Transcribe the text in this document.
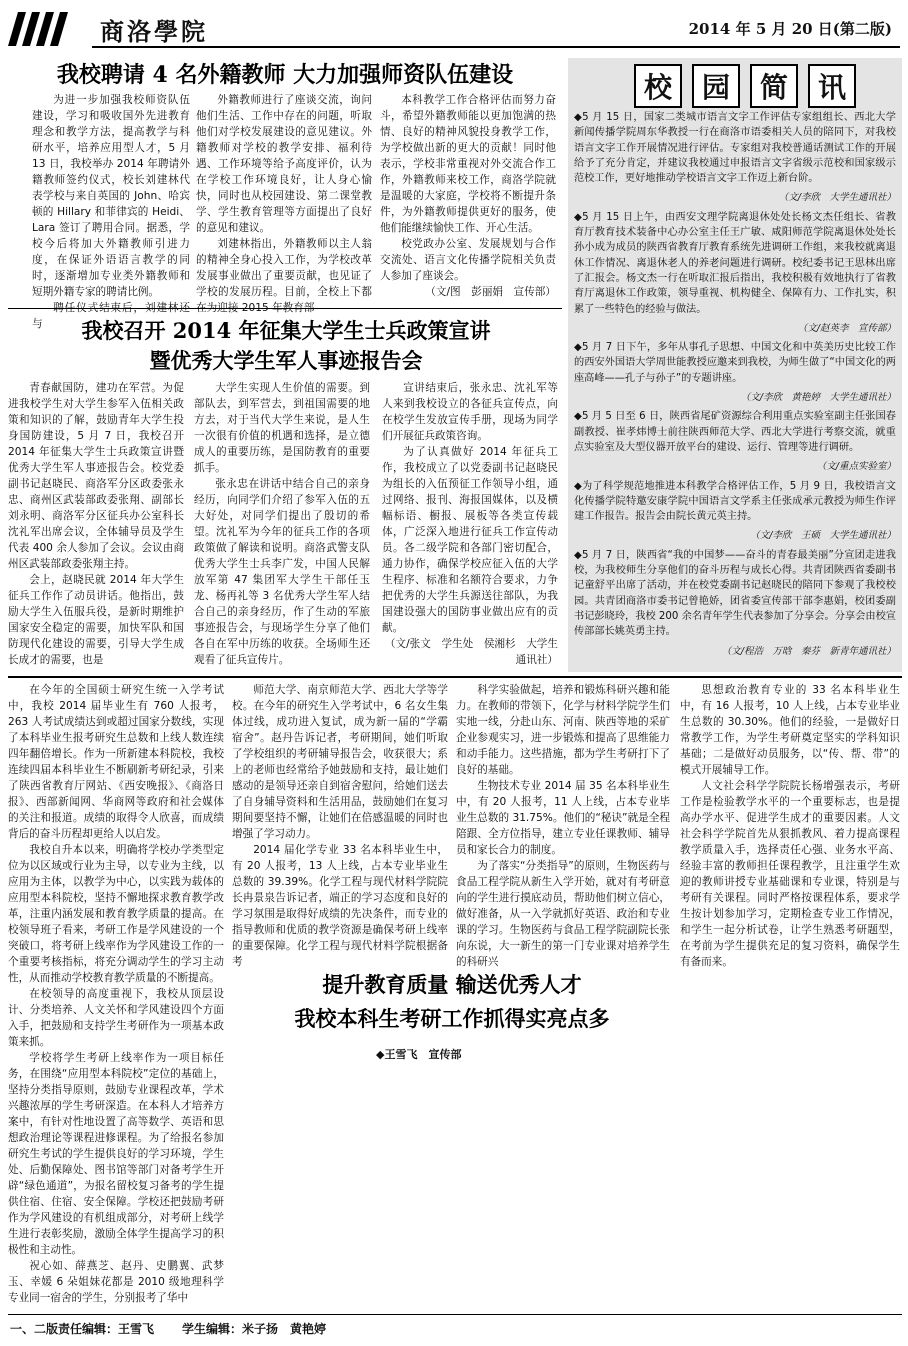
商洛學院	2014 年 5 月 20 日(第二版)
我校聘请 4 名外籍教师 大力加强师资队伍建设

为进一步加强我校师资队伍建设，学习和吸收国外先进教育理念和教学方法，提高教学与科研水平，培养应用型人才，5 月 13 日，我校举办 2014 年聘请外籍教师签约仪式，校长刘建林代表学校与来自英国的 John、哈宾顿的 Hillary 和菲律宾的 Heidi、Lara 签订了聘用合同。据悉，学校今后将加大外籍教师引进力度，在保证外语语言教学的同时，逐渐增加专业类外籍教师和短期外籍专家的聘请比例。

聘任仪式结束后，刘建林还与

外籍教师进行了座谈交流，询问他们生活、工作中存在的问题，听取他们对学校发展建设的意见建议。外籍教师对学校的教学安排、福利待遇、工作环境等给予高度评价，认为在学校工作环境良好，让人身心愉快，同时也从校园建设、第二课堂教学、学生教育管理等方面提出了良好的意见和建议。

刘建林指出，外籍教师以主人翁的精神全身心投入工作，为学校改革发展事业做出了重要贡献，也见证了学校的发展历程。目前，全校上下都在为迎接 2015 年教育部

本科教学工作合格评估而努力奋斗，希望外籍教师能以更加饱满的热情、良好的精神风貌投身教学工作，为学校做出新的更大的贡献！同时他表示，学校非常重视对外交流合作工作，外籍教师来校工作，商洛学院就是温暖的大家庭，学校将不断提升条件，为外籍教师提供更好的服务，使他们能继续愉快工作、开心生活。

校党政办公室、发展规划与合作交流处、语言文化传播学院相关负责人参加了座谈会。

（文/图　彭丽娟　宣传部）

我校召开 2014 年征集大学生士兵政策宣讲
暨优秀大学生军人事迹报告会

青春献国防，建功在军营。为促进我校学生对大学生参军入伍相关政策和知识的了解，鼓励青年大学生投身国防建设，5 月 7 日，我校召开 2014 年征集大学生士兵政策宣讲暨优秀大学生军人事迹报告会。校党委副书记赵晓民、商洛军分区政委张永忠、商州区武装部政委张翔、副部长刘永明、商洛军分区征兵办公室科长沈礼军出席会议，全体辅导员及学生代表 400 余人参加了会议。会议由商州区武装部政委张翔主持。

会上，赵晓民就 2014 年大学生征兵工作作了动员讲话。他指出，鼓励大学生入伍服兵役，是新时期维护国家安全稳定的需要，加快军队和国防现代化建设的需要，引导大学生成长成才的需要，也是

大学生实现人生价值的需要。到部队去，到军营去，到祖国需要的地方去，对于当代大学生来说，是人生一次很有价值的机遇和选择，是立德成人的重要历练，是国防教育的重要抓手。

张永忠在讲话中结合自己的亲身经历，向同学们介绍了参军入伍的五大好处，对同学们提出了殷切的希望。沈礼军为今年的征兵工作的各项政策做了解读和说明。商洛武警支队优秀大学生士兵李广发，中国人民解放军第 47 集团军大学生干部任玉龙、杨再礼等 3 名优秀大学生军人结合自己的亲身经历，作了生动的军旅事迹报告会，与现场学生分享了他们各自在军中历练的收获。全场师生还观看了征兵宣传片。

宣讲结束后，张永忠、沈礼军等人来到我校设立的各征兵宣传点，向在校学生发放宣传手册，现场为同学们开展征兵政策咨询。

为了认真做好 2014 年征兵工作，我校成立了以党委副书记赵晓民为组长的入伍预征工作领导小组，通过网络、报刊、海报国媒体，以及横幅标语、橱报、展板等各类宣传载体，广泛深入地进行征兵工作宣传动员。各二级学院和各部门密切配合，通力协作，确保学校应征入伍的大学生程序、标准和名额符合要求，力争把优秀的大学生兵源送往部队，为我国建设强大的国防事业做出应有的贡献。

（文/张文　学生处　侯湘杉　大学生通讯社）

校	园	简	讯

◆5 月 15 日，国家二类城市语言文字工作评估专家组组长、西北大学新闻传播学院周东华教授一行在商洛市语委相关人员的陪同下，对我校语言文字工作开展情况进行评估。专家组对我校普通话测试工作的开展给予了充分肯定，并建议我校通过申报语言文字省级示范校和国家级示范校工作，更好地推动学校语言文字工作迈上新台阶。

（文/李欣　大学生通讯社）

◆5 月 15 日上午，由西安文理学院离退休处处长杨文杰任组长、省教育厅教育技术装备中心办公室主任王广敏、咸阳师范学院离退休处处长孙小成为成员的陕西省教育厅教育系统先进调研工作组，来我校就离退休工作情况、离退休老人的养老问题进行调研。校纪委书记王思林出席了汇报会。杨文杰一行在听取汇报后指出，我校积极有效地执行了省教育厅离退休工作政策，领导重视、机构健全、保障有力、工作扎实，积累了一些特色的经验与做法。

（文/赵英李　宣传部）

◆5 月 7 日下午，多年从事孔子思想、中国文化和中英美历史比较工作的西安外国语大学周世能教授应邀来到我校，为师生做了“中国文化的两座高峰——孔子与孙子”的专题讲座。

（文/李欣　黄艳婷　大学生通讯社）

◆5 月 5 日至 6 日，陕西省尾矿资源综合利用重点实验室副主任张国春副教授、崔孝炜博士前往陕西师范大学、西北大学进行考察交流，就重点实验室及大型仪器开放平台的建设、运行、管理等进行调研。

（文/重点实验室）

◆为了科学规范地推进本科教学合格评估工作，5 月 9 日，我校语言文化传播学院特邀安康学院中国语言文学系主任张成承元教授为师生作评建工作报告。报告会由院长黄元英主持。

（文/李欣　王硕　大学生通讯社）

◆5 月 7 日，陕西省“我的中国梦——奋斗的青春最美丽”分宣团走进我校，为我校师生分享他们的奋斗历程与成长心得。共青团陕西省委副书记童舒平出席了活动，并在校党委副书记赵晓民的陪同下参观了我校校园。共青团商洛市委书记曾艳娇，团省委宣传部干部李惠娟，校团委副书记彭晓玲，我校 200 余名青年学生代表参加了分享会。分享会由校宣传部部长姚英勇主持。

（文/程浩　万晗　秦芬　新青年通讯社）

在今年的全国硕士研究生统一入学考试中，我校 2014 届毕业生有 760 人报考，263 人考试成绩达到或超过国家分数线，实现了本科毕业生报考研究生总数和上线人数连续四年翻倍增长。作为一所新建本科院校，我校连续四届本科毕业生不断刷新考研纪录，引来了陕西省教育厅网站、《西安晚报》、《商洛日报》、西部新闻网、华商网等政府和社会媒体的关注和报道。成绩的取得令人欣喜，而成绩背后的奋斗历程却更给人以启发。

我校自升本以来，明确将学校办学类型定位为以区域或行业为主导，以专业为主线，以应用为主体，以教学为中心，以实践为载体的应用型本科院校，坚持不懈地探求教育教学改革，注重内涵发展和教育教学质量的提高。在校领导班子看来，考研工作是学风建设的一个突破口，将考研上线率作为学风建设工作的一个重要考核指标，将充分调动学生的学习主动性，从而推动学校教育教学质量的不断提高。

在校领导的高度重视下，我校从顶层设计、分类培养、人文关怀和学风建设四个方面入手，把鼓励和支持学生考研作为一项基本政策来抓。

学校将学生考研上线率作为一项目标任务，在围绕“应用型本科院校”定位的基础上，坚持分类指导原则，鼓励专业课程改革，学术兴趣浓厚的学生考研深造。在本科人才培养方案中，有针对性地设置了高等数学、英语和思想政治理论等课程进修课程。为了给报名参加研究生考试的学生提供良好的学习环境，学生处、后勤保障处、图书馆等部门对备考学生开辟“绿色通道”，为报名留校复习备考的学生提供住宿、住宿、安全保障。学校还把鼓励考研作为学风建设的有机组成部分，对考研上线学生进行表彰奖励，激励全体学生提高学习的积极性和主动性。

祝心如、薛燕芝、赵丹、史鹏翼、武梦玉、幸媛 6 朵姐妹花都是 2010 级地理科学专业同一宿舍的学生，分别报考了华中

师范大学、南京师范大学、西北大学等学校。在今年的研究生入学考试中，6 名女生集体过线，成功进入复试，成为新一届的“学霸宿舍”。赵丹告诉记者，考研期间，她们听取了学校组织的考研辅导报告会，收获很大；系上的老师也经常给予她鼓励和支持，最让她们感动的是领导还亲自到宿舍慰问，给她们送去了自身辅导资料和生活用品，鼓励她们在复习期间要坚持不懈，让她们在倍感温暖的同时也增强了学习动力。

2014 届化学专业 33 名本科毕业生中，有 20 人报考，13 人上线，占本专业毕业生总数的 39.39%。化学工程与现代材料学院院长冉景泉告诉记者，端正的学习态度和良好的学习氛围是取得好成绩的先决条件，而专业的指导教师和优质的教学资源是确保考研上线率的重要保障。化学工程与现代材料学院根据备考

科学实验做起，培养和锻炼科研兴趣和能力。在教师的带领下，化学与材料学院学生们实地一线，分赴山东、河南、陕西等地的采矿企业参观实习，进一步锻炼和提高了思维能力和动手能力。这些措施，都为学生考研打下了良好的基础。

生物技术专业 2014 届 35 名本科毕业生中，有 20 人报考，11 人上线，占本专业毕业生总数的 31.75%。他们的“秘诀”就是全程陪跟、全方位指导，建立专业任课教师、辅导员和家长合力的制度。

为了落实“分类指导”的原则，生物医药与食品工程学院从新生入学开始，就对有考研意向的学生进行摸底动员，帮助他们树立信心，做好准备，从一入学就抓好英语、政治和专业课的学习。生物医药与食品工程学院副院长张向东说，大一新生的第一门专业课对培养学生的科研兴

思想政治教育专业的 33 名本科毕业生中，有 16 人报考，10 人上线，占本专业毕业生总数的 30.30%。他们的经验，一是做好日常教学工作，为学生考研奠定坚实的学科知识基础；二是做好动员服务，以“传、帮、带”的模式开展辅导工作。

人文社会科学学院院长杨增强表示，考研工作是检验教学水平的一个重要标志，也是提高办学水平、促进学生成才的重要因素。人文社会科学学院首先从狠抓教风、着力提高课程教学质量入手，选择责任心强、业务水平高、经验丰富的教师担任课程教学，且注重学生欢迎的教师讲授专业基础课和专业课，特别是与考研有关课程。同时严格按课程体系，要求学生按计划参加学习，定期检查专业工作情况，和学生一起分析试卷，让学生熟悉考研题型，在考前为学生提供充足的复习资料，确保学生有备而来。

提升教育质量 输送优秀人才
我校本科生考研工作抓得实亮点多
◆王雪飞　宣传部
一、二版责任编辑：王雪飞 学生编辑：米子扬　黄艳婷
